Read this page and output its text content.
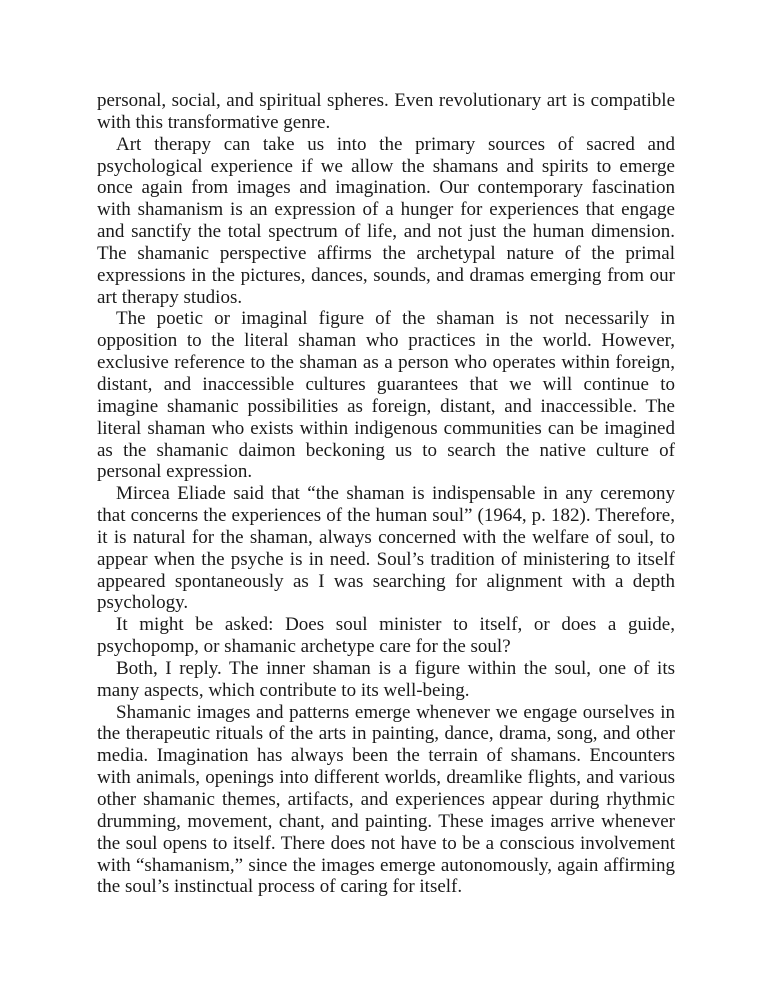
personal, social, and spiritual spheres. Even revolutionary art is compatible with this transformative genre.

Art therapy can take us into the primary sources of sacred and psychological experience if we allow the shamans and spirits to emerge once again from images and imagination. Our contemporary fascination with shamanism is an expression of a hunger for experiences that engage and sanctify the total spectrum of life, and not just the human dimension. The shamanic perspective affirms the archetypal nature of the primal expressions in the pictures, dances, sounds, and dramas emerging from our art therapy studios.

The poetic or imaginal figure of the shaman is not necessarily in opposition to the literal shaman who practices in the world. However, exclusive reference to the shaman as a person who operates within foreign, distant, and inaccessible cultures guarantees that we will continue to imagine shamanic possibilities as foreign, distant, and inaccessible. The literal shaman who exists within indigenous communities can be imagined as the shamanic daimon beckoning us to search the native culture of personal expression.

Mircea Eliade said that “the shaman is indispensable in any ceremony that concerns the experiences of the human soul” (1964, p. 182). Therefore, it is natural for the shaman, always concerned with the welfare of soul, to appear when the psyche is in need. Soul’s tradition of ministering to itself appeared spontaneously as I was searching for alignment with a depth psychology.

It might be asked: Does soul minister to itself, or does a guide, psychopomp, or shamanic archetype care for the soul?

Both, I reply. The inner shaman is a figure within the soul, one of its many aspects, which contribute to its well-being.

Shamanic images and patterns emerge whenever we engage ourselves in the therapeutic rituals of the arts in painting, dance, drama, song, and other media. Imagination has always been the terrain of shamans. Encounters with animals, openings into different worlds, dreamlike flights, and various other shamanic themes, artifacts, and experiences appear during rhythmic drumming, movement, chant, and painting. These images arrive whenever the soul opens to itself. There does not have to be a conscious involvement with “shamanism,” since the images emerge autonomously, again affirming the soul’s instinctual process of caring for itself.
